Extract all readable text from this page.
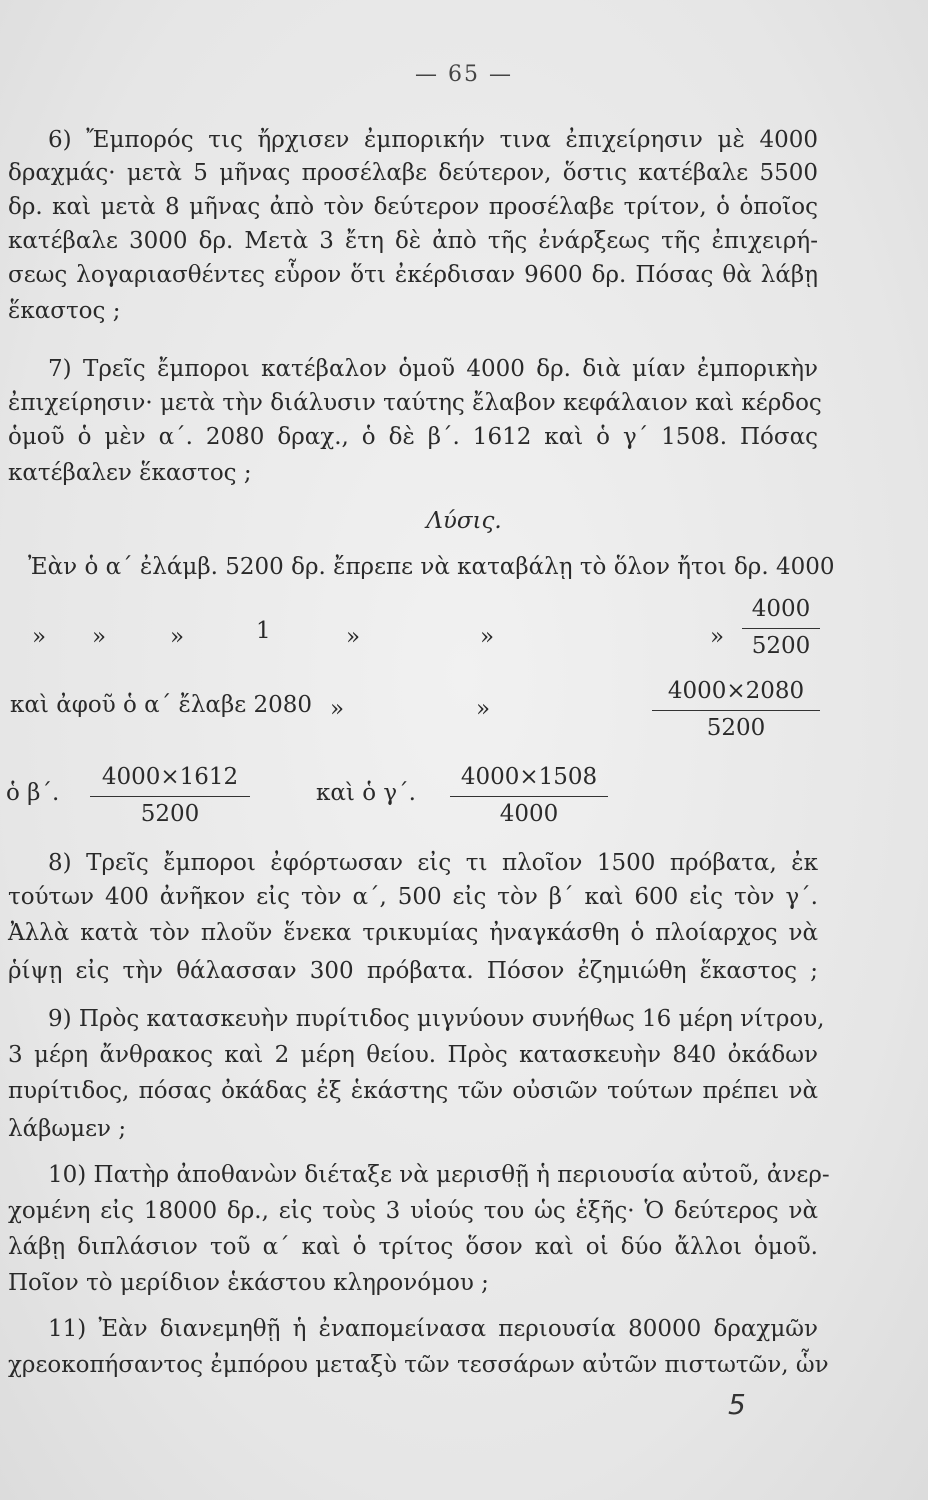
— 65 —
6) Ἔμπορός τις ἤρχισεν ἐμπορικήν τινα ἐπιχείρησιν μὲ 4000
δραχμάς· μετὰ 5 μῆνας προσέλαβε δεύτερον, ὅστις κατέβαλε 5500
δρ. καὶ μετὰ 8 μῆνας ἀπὸ τὸν δεύτερον προσέλαβε τρίτον, ὁ ὁποῖος
κατέβαλε 3000 δρ. Μετὰ 3 ἔτη δὲ ἀπὸ τῆς ἐνάρξεως τῆς ἐπιχειρή-
σεως λογαριασθέντες εὗρον ὅτι ἐκέρδισαν 9600 δρ. Πόσας θὰ λάβῃ
ἕκαστος ;
7) Τρεῖς ἔμποροι κατέβαλον ὁμοῦ 4000 δρ. διὰ μίαν ἐμπορικὴν
ἐπιχείρησιν· μετὰ τὴν διάλυσιν ταύτης ἔλαβον κεφάλαιον καὶ κέρδος
ὁμοῦ ὁ μὲν α΄. 2080 δραχ., ὁ δὲ β΄. 1612 καὶ ὁ γ΄ 1508. Πόσας
κατέβαλεν ἕκαστος ;
Λύσις.
Ἐὰν ὁ α΄ ἐλάμβ. 5200 δρ. ἔπρεπε νὰ καταβάλῃ τὸ ὅλον ἤτοι δρ. 4000
» »	»	1	»	»	»
4000
5200
καὶ ἀφοῦ ὁ α΄ ἔλαβε 2080 »	»
4000×2080
5200
ὁ β΄.
4000×1612
5200
καὶ ὁ γ΄.
4000×1508
4000
8) Τρεῖς ἔμποροι ἐφόρτωσαν εἰς τι πλοῖον 1500 πρόβατα, ἐκ
τούτων 400 ἀνῆκον εἰς τὸν α΄, 500 εἰς τὸν β΄ καὶ 600 εἰς τὸν γ΄.
Ἀλλὰ κατὰ τὸν πλοῦν ἕνεκα τρικυμίας ἠναγκάσθη ὁ πλοίαρχος νὰ
ῥίψῃ εἰς τὴν θάλασσαν 300 πρόβατα. Πόσον ἐζημιώθη ἕκαστος ;
9) Πρὸς κατασκευὴν πυρίτιδος μιγνύουν συνήθως 16 μέρη νίτρου,
3 μέρη ἄνθρακος καὶ 2 μέρη θείου. Πρὸς κατασκευὴν 840 ὀκάδων
πυρίτιδος, πόσας ὀκάδας ἐξ ἑκάστης τῶν οὐσιῶν τούτων πρέπει νὰ
λάβωμεν ;
10) Πατὴρ ἀποθανὼν διέταξε νὰ μερισθῇ ἡ περιουσία αὐτοῦ, ἀνερ-
χομένη εἰς 18000 δρ., εἰς τοὺς 3 υἱούς του ὡς ἑξῆς· Ὁ δεύτερος νὰ
λάβῃ διπλάσιον τοῦ α΄ καὶ ὁ τρίτος ὅσον καὶ οἱ δύο ἄλλοι ὁμοῦ.
Ποῖον τὸ μερίδιον ἑκάστου κληρονόμου ;
11) Ἐὰν διανεμηθῇ ἡ ἐναπομείνασα περιουσία 80000 δραχμῶν
χρεοκοπήσαντος ἐμπόρου μεταξὺ τῶν τεσσάρων αὐτῶν πιστωτῶν, ὧν
5
